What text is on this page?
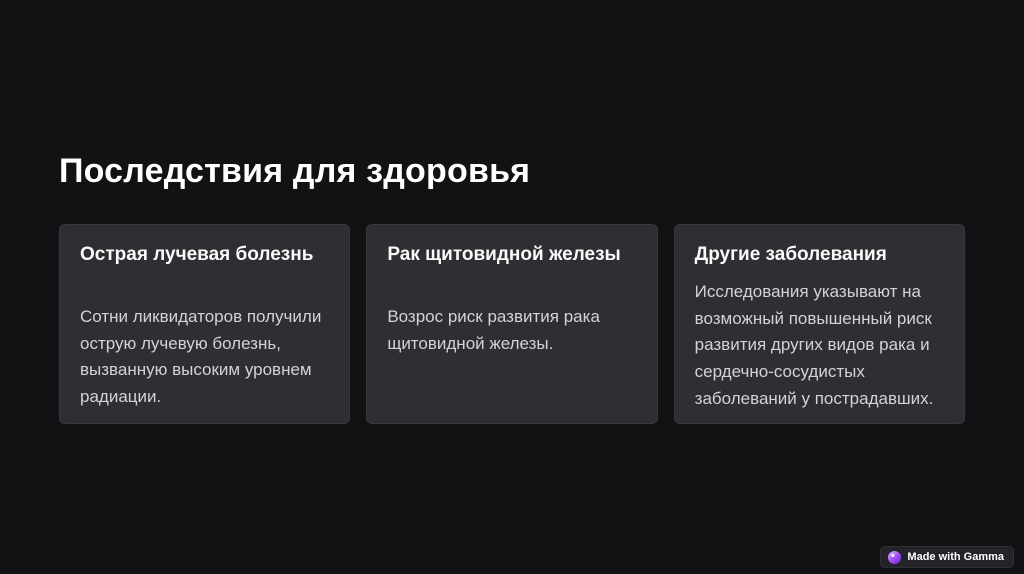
Последствия для здоровья
Острая лучевая болезнь

Сотни ликвидаторов получили острую лучевую болезнь, вызванную высоким уровнем радиации.

Рак щитовидной железы

Возрос риск развития рака щитовидной железы.

Другие заболевания

Исследования указывают на возможный повышенный риск развития других видов рака и сердечно-сосудистых заболеваний у пострадавших.

Made with Gamma
